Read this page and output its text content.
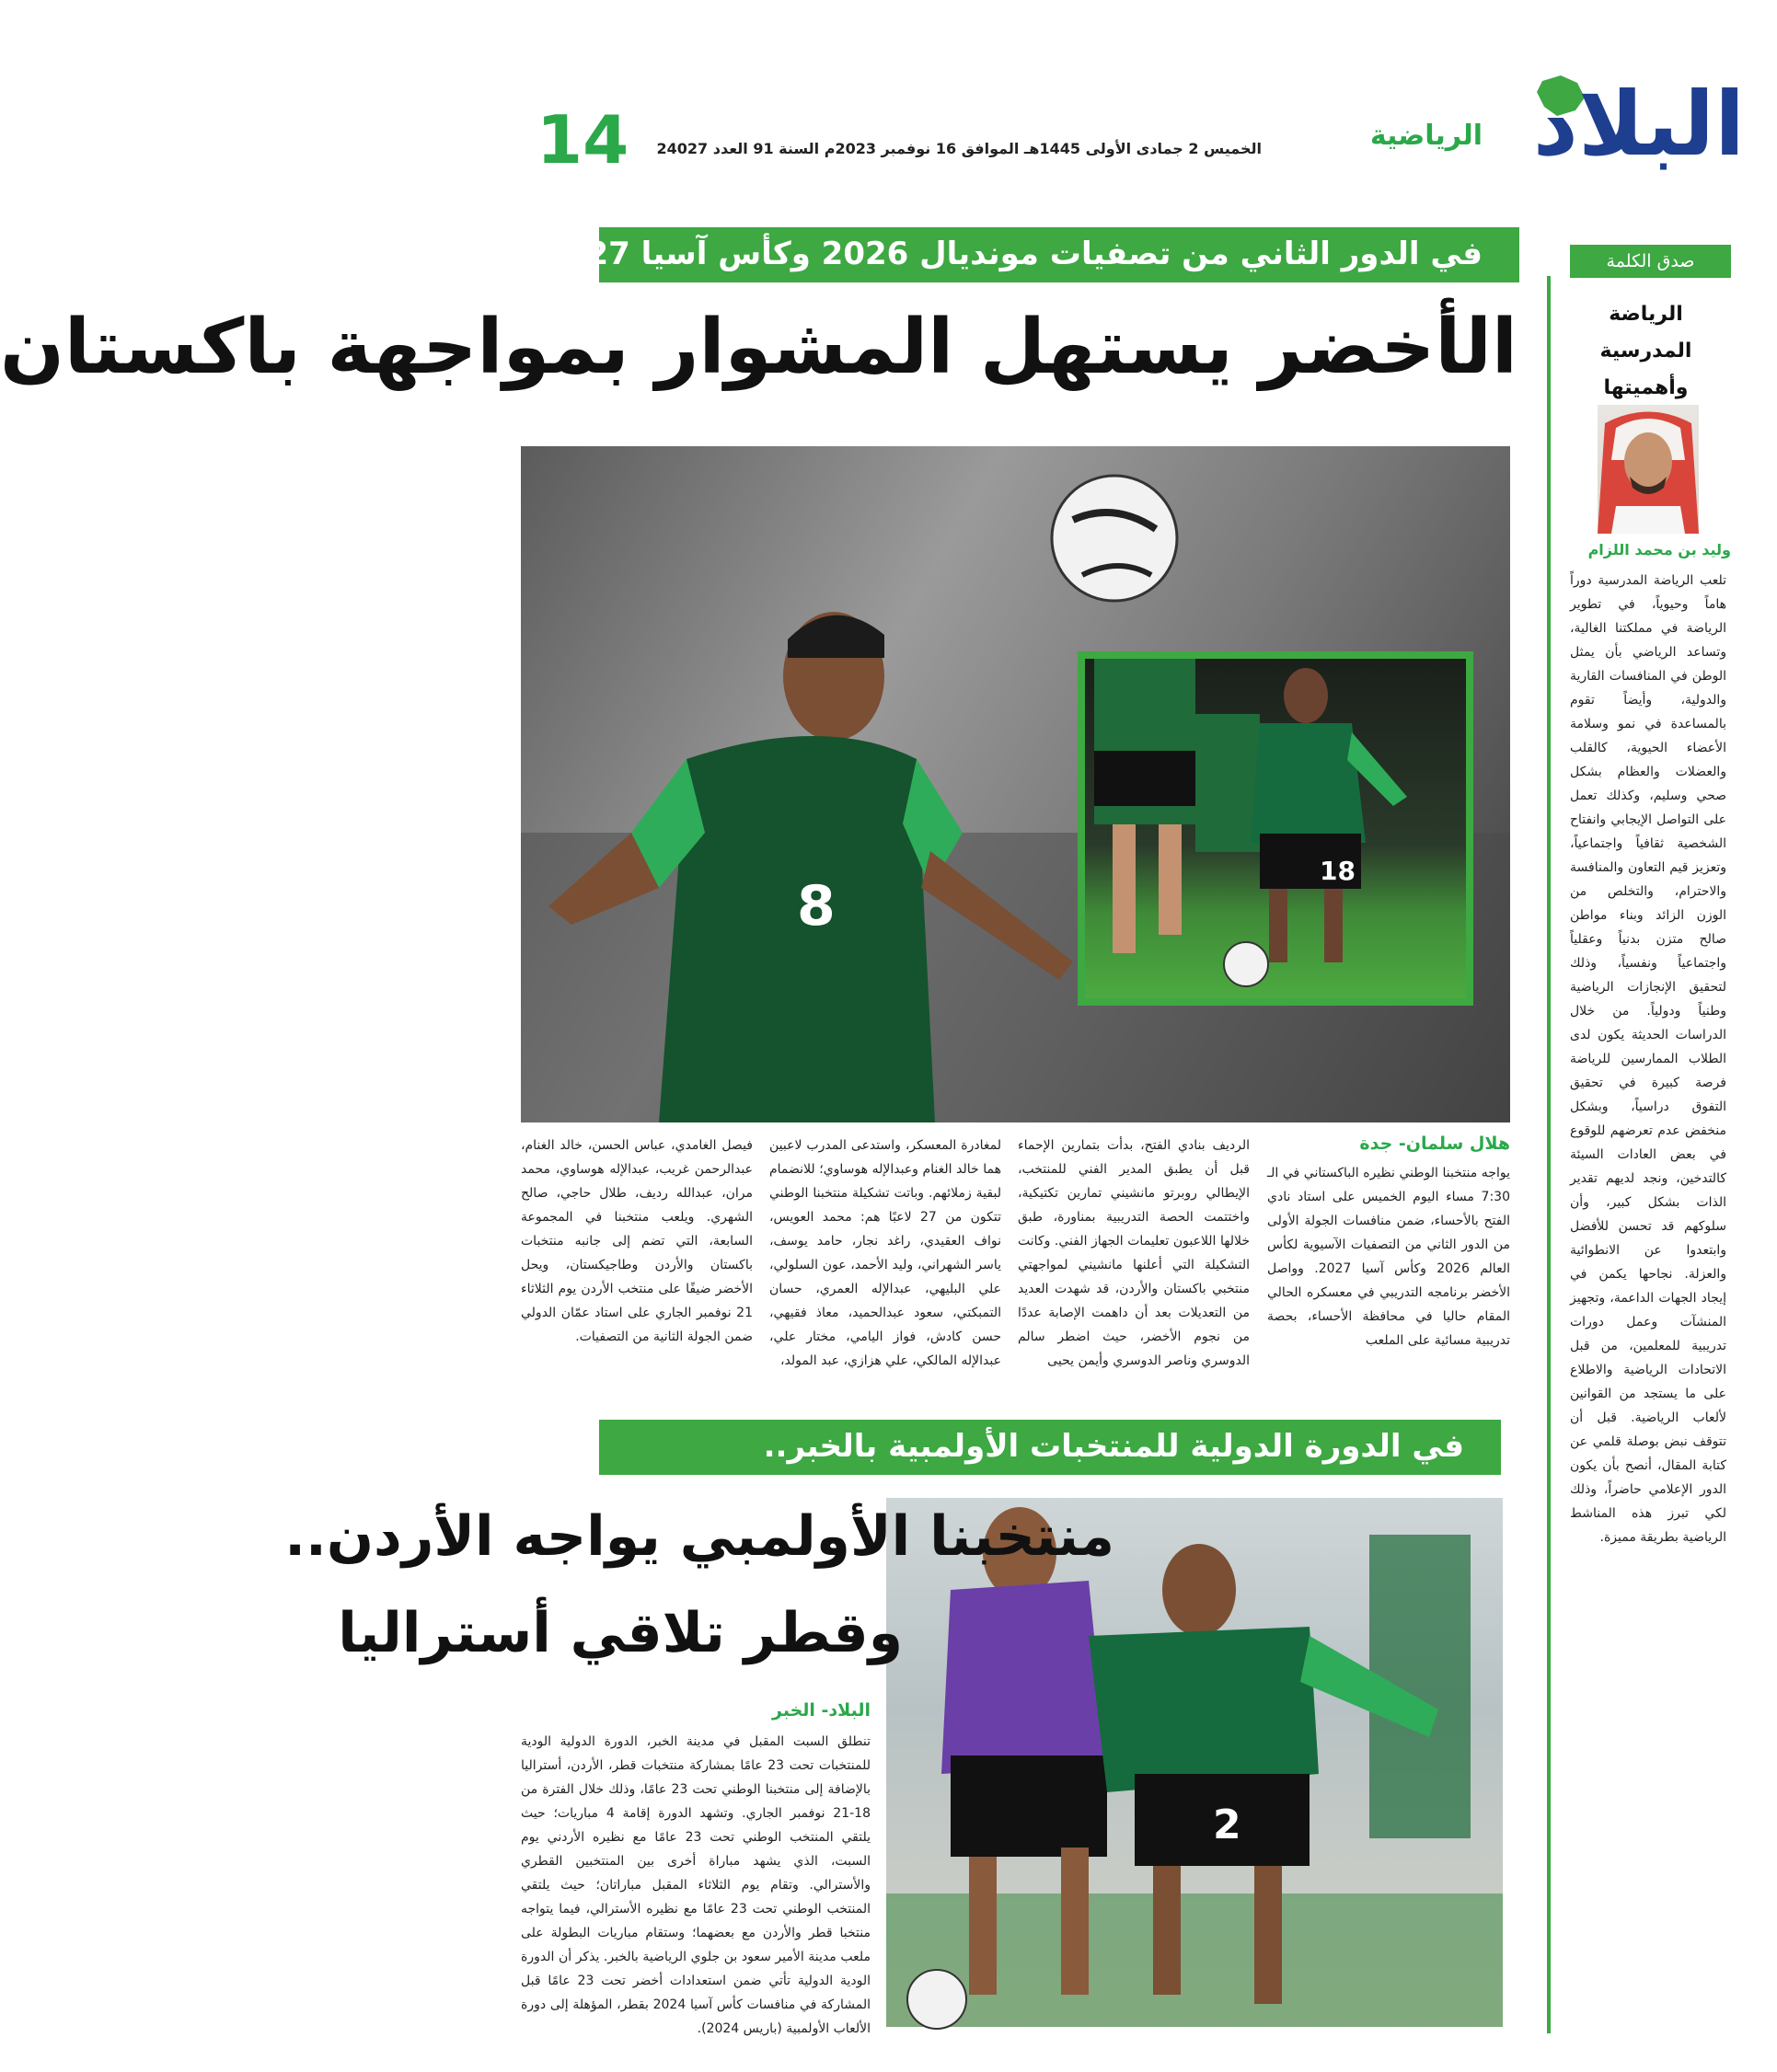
البلاد
الرياضية
الخميس 2 جمادى الأولى 1445هـ الموافق 16 نوفمبر 2023م السنة 91 العدد 24027
14
في الدور الثاني من تصفيات مونديال 2026 وكأس آسيا 2027..
الأخضر يستهل المشوار بمواجهة باكستان
8
18
هلال سلمان- جدة
يواجه منتخبنا الوطني نظيره الباكستاني في الـ 7:30 مساء اليوم الخميس على استاد نادي الفتح بالأحساء، ضمن منافسات الجولة الأولى من الدور الثاني من التصفيات الآسيوية لكأس العالم 2026 وكأس آسيا 2027. وواصل الأخضر برنامجه التدريبي في معسكره الحالي المقام حاليا في محافظة الأحساء، بحصة تدريبية مسائية على الملعب
الرديف بنادي الفتح، بدأت بتمارين الإحماء قبل أن يطبق المدير الفني للمنتخب، الإيطالي روبرتو مانشيني تمارين تكتيكية، واختتمت الحصة التدريبية بمناورة، طبق خلالها اللاعبون تعليمات الجهاز الفني. وكانت التشكيلة التي أعلنها مانشيني لمواجهتي منتخبي باكستان والأردن، قد شهدت العديد من التعديلات بعد أن داهمت الإصابة عددًا من نجوم الأخضر، حيث اضطر سالم الدوسري وناصر الدوسري وأيمن يحيى
لمغادرة المعسكر، واستدعى المدرب لاعبين هما خالد الغنام وعبدالإله هوساوي؛ للانضمام لبقية زملائهم. وباتت تشكيلة منتخبنا الوطني تتكون من 27 لاعبًا هم: محمد العويس، نواف العقيدي، راغد نجار، حامد يوسف، ياسر الشهراني، وليد الأحمد، عون السلولي، علي البليهي، عبدالإله العمري، حسان التمبكتي، سعود عبدالحميد، معاذ فقيهي، حسن كادش، فواز اليامي، مختار علي، عبدالإله المالكي، علي هزازي، عبد المولد،
فيصل الغامدي، عباس الحسن، خالد الغنام، عبدالرحمن غريب، عبدالإله هوساوي، محمد مران، عبدالله رديف، طلال حاجي، صالح الشهري. ويلعب منتخبنا في المجموعة السابعة، التي تضم إلى جانبه منتخبات باكستان والأردن وطاجيكستان، ويحل الأخضر ضيفًا على منتخب الأردن يوم الثلاثاء 21 نوفمبر الجاري على استاد عمّان الدولي ضمن الجولة الثانية من التصفيات.
في الدورة الدولية للمنتخبات الأولمبية بالخبر..
2
منتخبنا الأولمبي يواجه الأردن..
وقطر تلاقي أستراليا
البلاد- الخبر
تنطلق السبت المقبل في مدينة الخبر، الدورة الدولية الودية للمنتخبات تحت 23 عامًا بمشاركة منتخبات قطر، الأردن، أستراليا بالإضافة إلى منتخبنا الوطني تحت 23 عامًا، وذلك خلال الفترة من 18-21 نوفمبر الجاري. وتشهد الدورة إقامة 4 مباريات؛ حيث يلتقي المنتخب الوطني تحت 23 عامًا مع نظيره الأردني يوم السبت، الذي يشهد مباراة أخرى بين المنتخبين القطري والأسترالي. وتقام يوم الثلاثاء المقبل مباراتان؛ حيث يلتقي المنتخب الوطني تحت 23 عامًا مع نظيره الأسترالي، فيما يتواجه منتخبا قطر والأردن مع بعضهما؛ وستقام مباريات البطولة على ملعب مدينة الأمير سعود بن جلوي الرياضية بالخبر. يذكر أن الدورة الودية الدولية تأتي ضمن استعدادات أخضر تحت 23 عامًا قبل المشاركة في منافسات كأس آسيا 2024 بقطر، المؤهلة إلى دورة الألعاب الأولمبية (باريس 2024).
صدق الكلمة
الرياضة المدرسية وأهميتها
وليد بن محمد اللزام
تلعب الرياضة المدرسية دوراً هاماً وحيوياً، في تطوير الرياضة في مملكتنا الغالية، وتساعد الرياضي بأن يمثل الوطن في المنافسات القارية والدولية، وأيضاً تقوم بالمساعدة في نمو وسلامة الأعضاء الحيوية، كالقلب والعضلات والعظام بشكل صحي وسليم، وكذلك تعمل على التواصل الإيجابي وانفتاح الشخصية ثقافياً واجتماعياً، وتعزيز قيم التعاون والمنافسة والاحترام، والتخلص من الوزن الزائد وبناء مواطن صالح متزن بدنياً وعقلياً واجتماعياً ونفسياً، وذلك لتحقيق الإنجازات الرياضية وطنياً ودولياً. من خلال الدراسات الحديثة يكون لدى الطلاب الممارسين للرياضة فرصة كبيرة في تحقيق التفوق دراسياً، وبشكل منخفض عدم تعرضهم للوقوع في بعض العادات السيئة كالتدخين، ونجد لديهم تقدير الذات بشكل كبير، وأن سلوكهم قد تحسن للأفضل وابتعدوا عن الانطوائية والعزلة. نجاحها يكمن في إيجاد الجهات الداعمة، وتجهيز المنشآت وعمل دورات تدريبية للمعلمين، من قبل الاتحادات الرياضية والاطلاع على ما يستجد من القوانين لألعاب الرياضية. قبل أن تتوقف نبض بوصلة قلمي عن كتابة المقال، أنصح بأن يكون الدور الإعلامي حاضراً، وذلك لكي تبرز هذه المناشط الرياضية بطريقة مميزة.
